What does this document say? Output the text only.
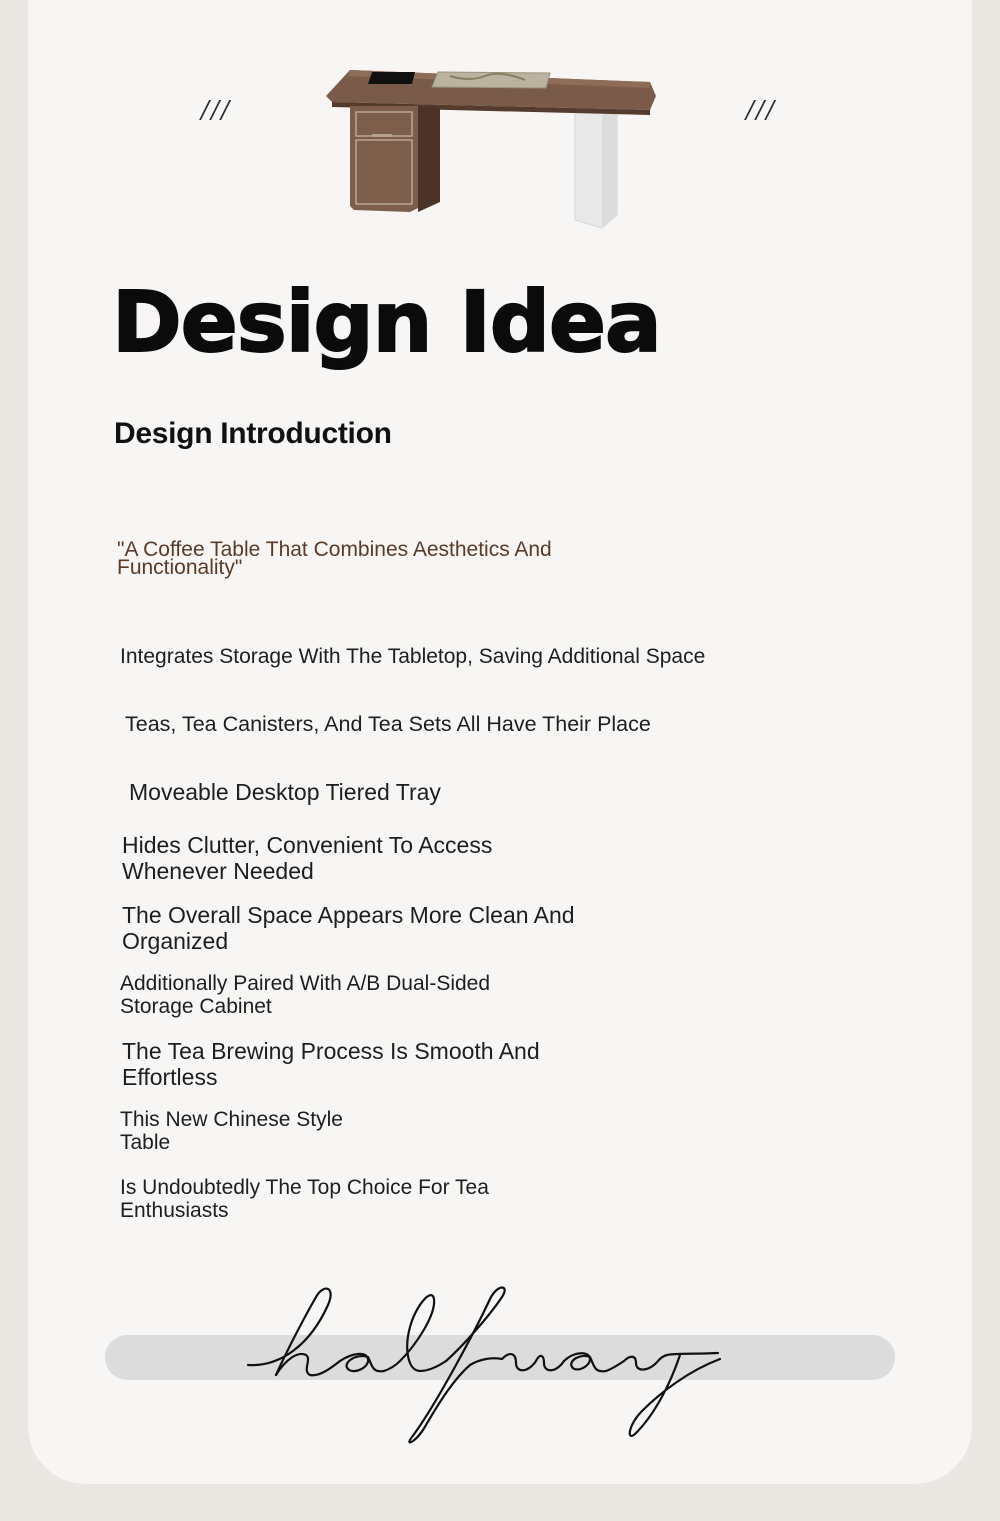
///	///
Design Idea
Design Introduction
"A Coffee Table That Combines Aesthetics And Functionality"
Integrates Storage With The Tabletop, Saving Additional Space
Teas, Tea Canisters, And Tea Sets All Have Their Place
Moveable Desktop Tiered Tray
Hides Clutter, Convenient To Access Whenever Needed
The Overall Space Appears More Clean And Organized
Additionally Paired With A/B Dual-Sided Storage Cabinet
The Tea Brewing Process Is Smooth And Effortless
This New Chinese Style Table
Is Undoubtedly The Top Choice For Tea Enthusiasts
